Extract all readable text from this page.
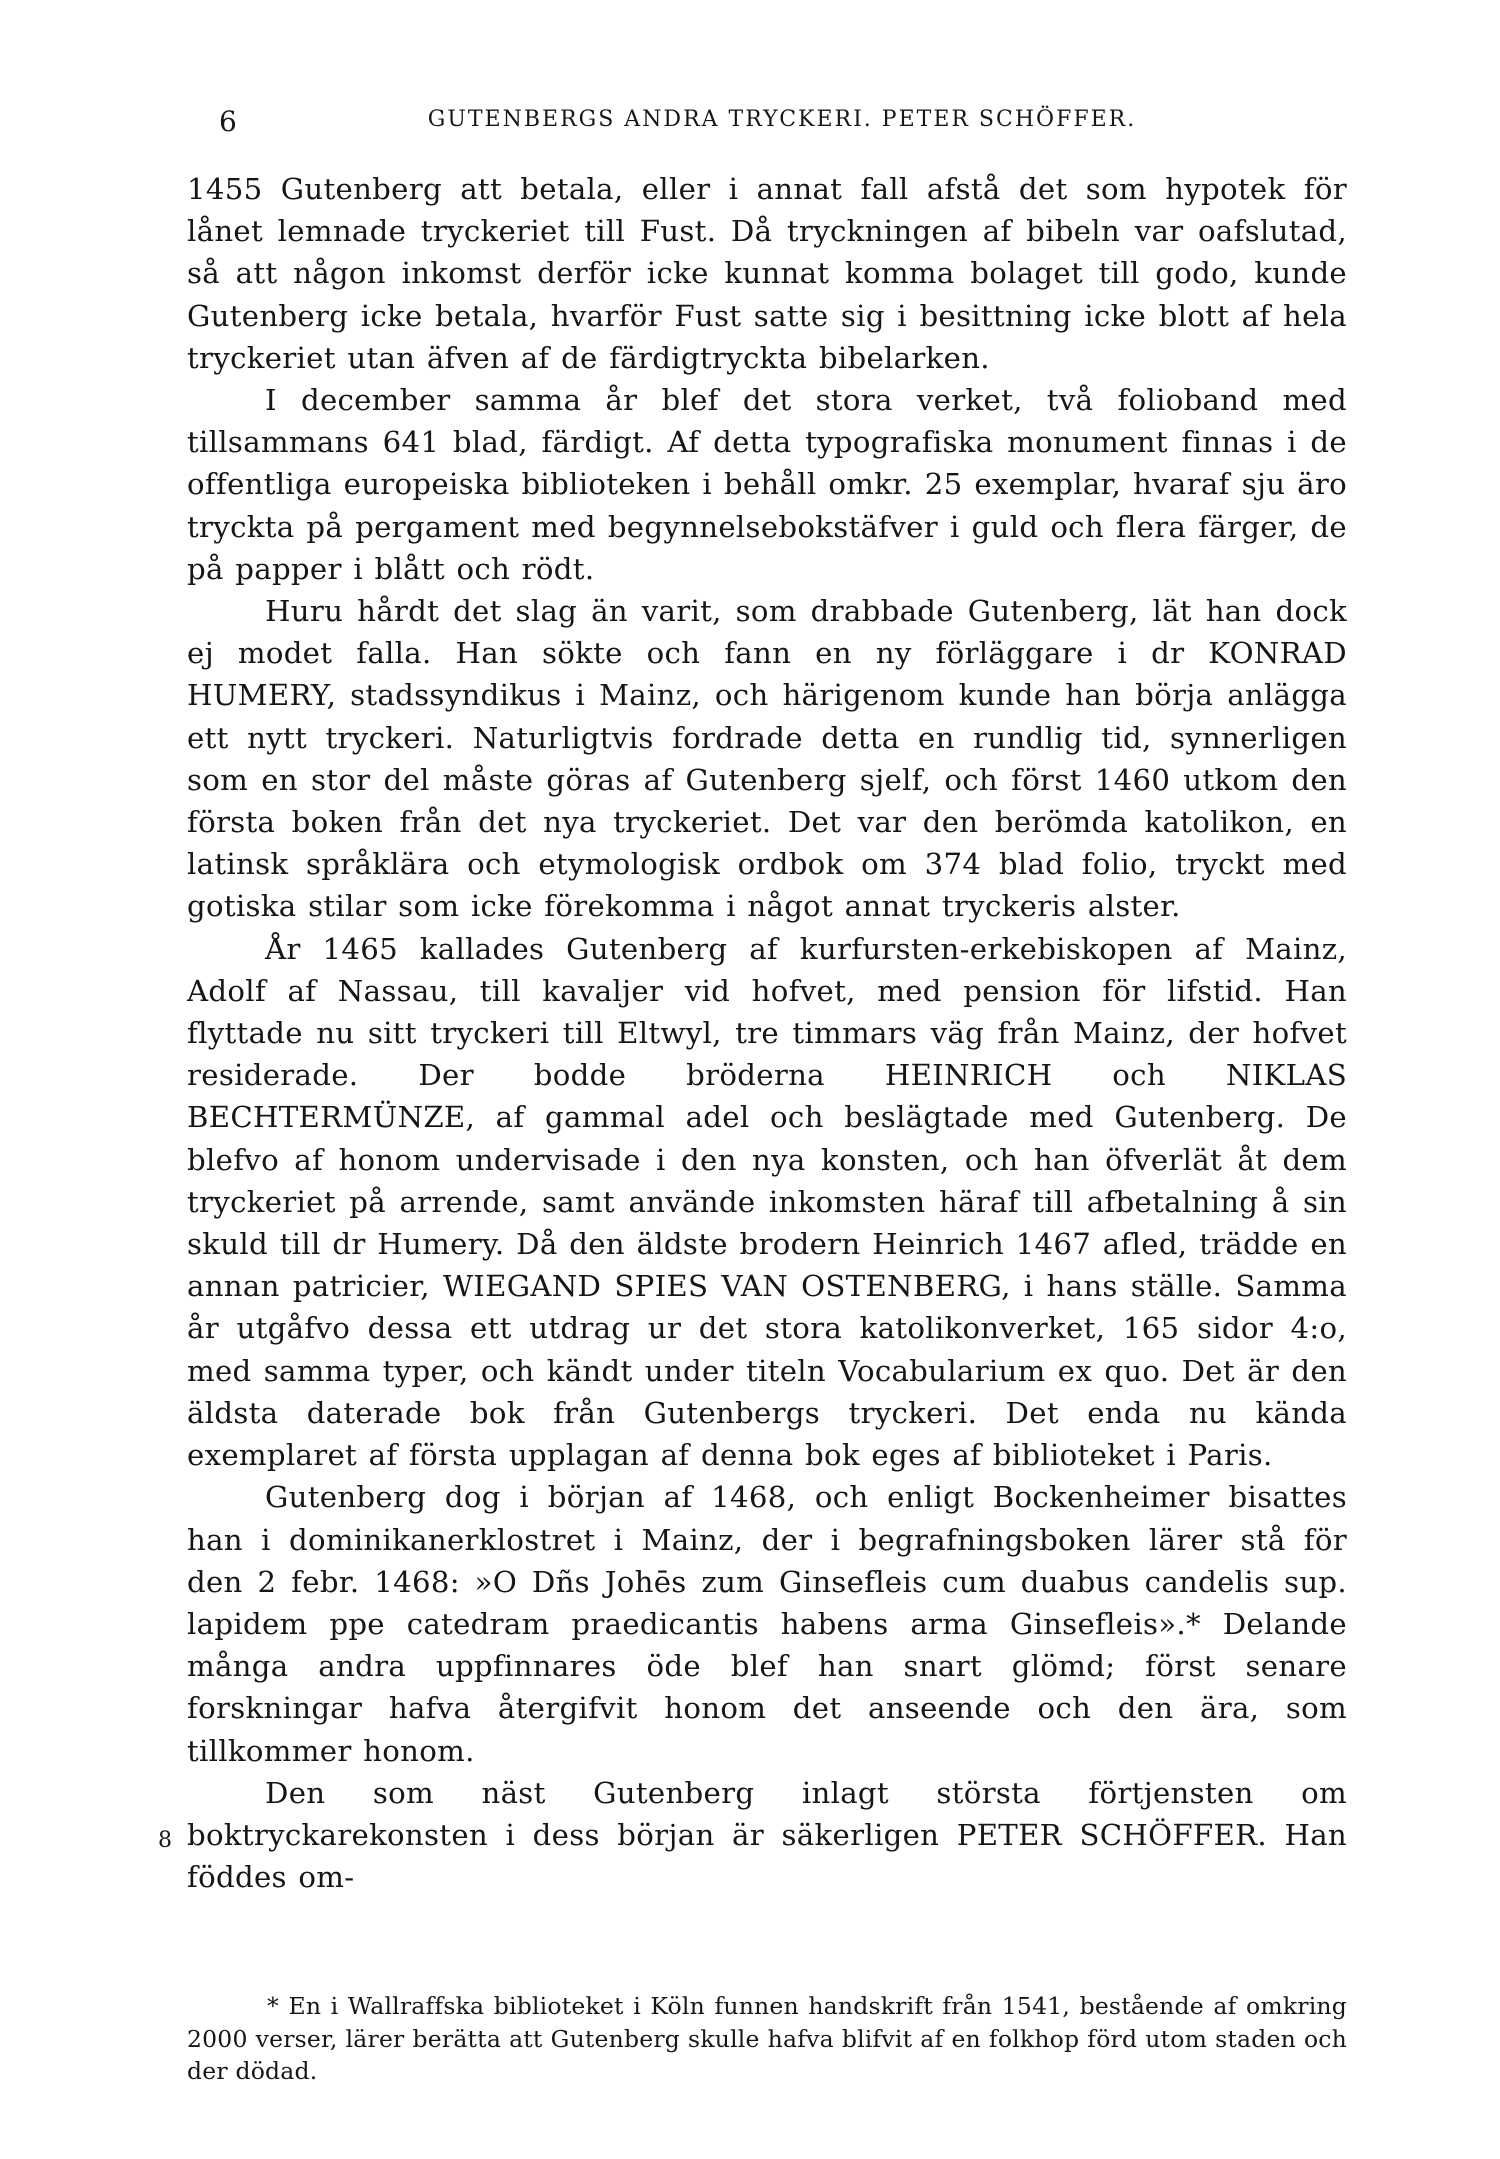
6	GUTENBERGS ANDRA TRYCKERI. PETER SCHÖFFER.

1455 Gutenberg att betala, eller i annat fall afstå det som hypotek för lånet lemnade tryckeriet till Fust. Då tryckningen af bibeln var oafslutad, så att någon inkomst derför icke kunnat komma bolaget till godo, kunde Gutenberg icke betala, hvarför Fust satte sig i besittning icke blott af hela tryckeriet utan äfven af de färdigtryckta bibelarken.

I december samma år blef det stora verket, två folioband med tillsammans 641 blad, färdigt. Af detta typografiska monument finnas i de offentliga europeiska biblioteken i behåll omkr. 25 exemplar, hvaraf sju äro tryckta på pergament med begynnelsebokstäfver i guld och flera färger, de på papper i blått och rödt.

Huru hårdt det slag än varit, som drabbade Gutenberg, lät han dock ej modet falla. Han sökte och fann en ny förläggare i dr KONRAD HUMERY, stadssyndikus i Mainz, och härigenom kunde han börja anlägga ett nytt tryckeri. Naturligtvis fordrade detta en rundlig tid, synnerligen som en stor del måste göras af Gutenberg sjelf, och först 1460 utkom den första boken från det nya tryckeriet. Det var den berömda katolikon, en latinsk språklära och etymologisk ordbok om 374 blad folio, tryckt med gotiska stilar som icke förekomma i något annat tryckeris alster.

År 1465 kallades Gutenberg af kurfursten-erkebiskopen af Mainz, Adolf af Nassau, till kavaljer vid hofvet, med pension för lifstid. Han flyttade nu sitt tryckeri till Eltwyl, tre timmars väg från Mainz, der hofvet residerade. Der bodde bröderna HEINRICH och NIKLAS BECHTERMÜNZE, af gammal adel och beslägtade med Gutenberg. De blefvo af honom undervisade i den nya konsten, och han öfverlät åt dem tryckeriet på arrende, samt använde inkomsten häraf till afbetalning å sin skuld till dr Humery. Då den äldste brodern Heinrich 1467 afled, trädde en annan patricier, WIEGAND SPIES VAN OSTENBERG, i hans ställe. Samma år utgåfvo dessa ett utdrag ur det stora katolikonverket, 165 sidor 4:o, med samma typer, och kändt under titeln Vocabularium ex quo. Det är den äldsta daterade bok från Gutenbergs tryckeri. Det enda nu kända exemplaret af första upplagan af denna bok eges af biblioteket i Paris.

Gutenberg dog i början af 1468, och enligt Bockenheimer bisattes han i dominikanerklostret i Mainz, der i begrafningsboken lärer stå för den 2 febr. 1468: »O Dñs Johēs zum Ginsefleis cum duabus candelis sup. lapidem ppe catedram praedicantis habens arma Ginsefleis».* Delande många andra uppfinnares öde blef han snart glömd; först senare forskningar hafva återgifvit honom det anseende och den ära, som tillkommer honom.

Den som näst Gutenberg inlagt största förtjensten om boktryckarekonsten i dess början är säkerligen PETER SCHÖFFER. Han föddes om-

8

* En i Wallraffska biblioteket i Köln funnen handskrift från 1541, bestående af omkring 2000 verser, lärer berätta att Gutenberg skulle hafva blifvit af en folkhop förd utom staden och der dödad.
